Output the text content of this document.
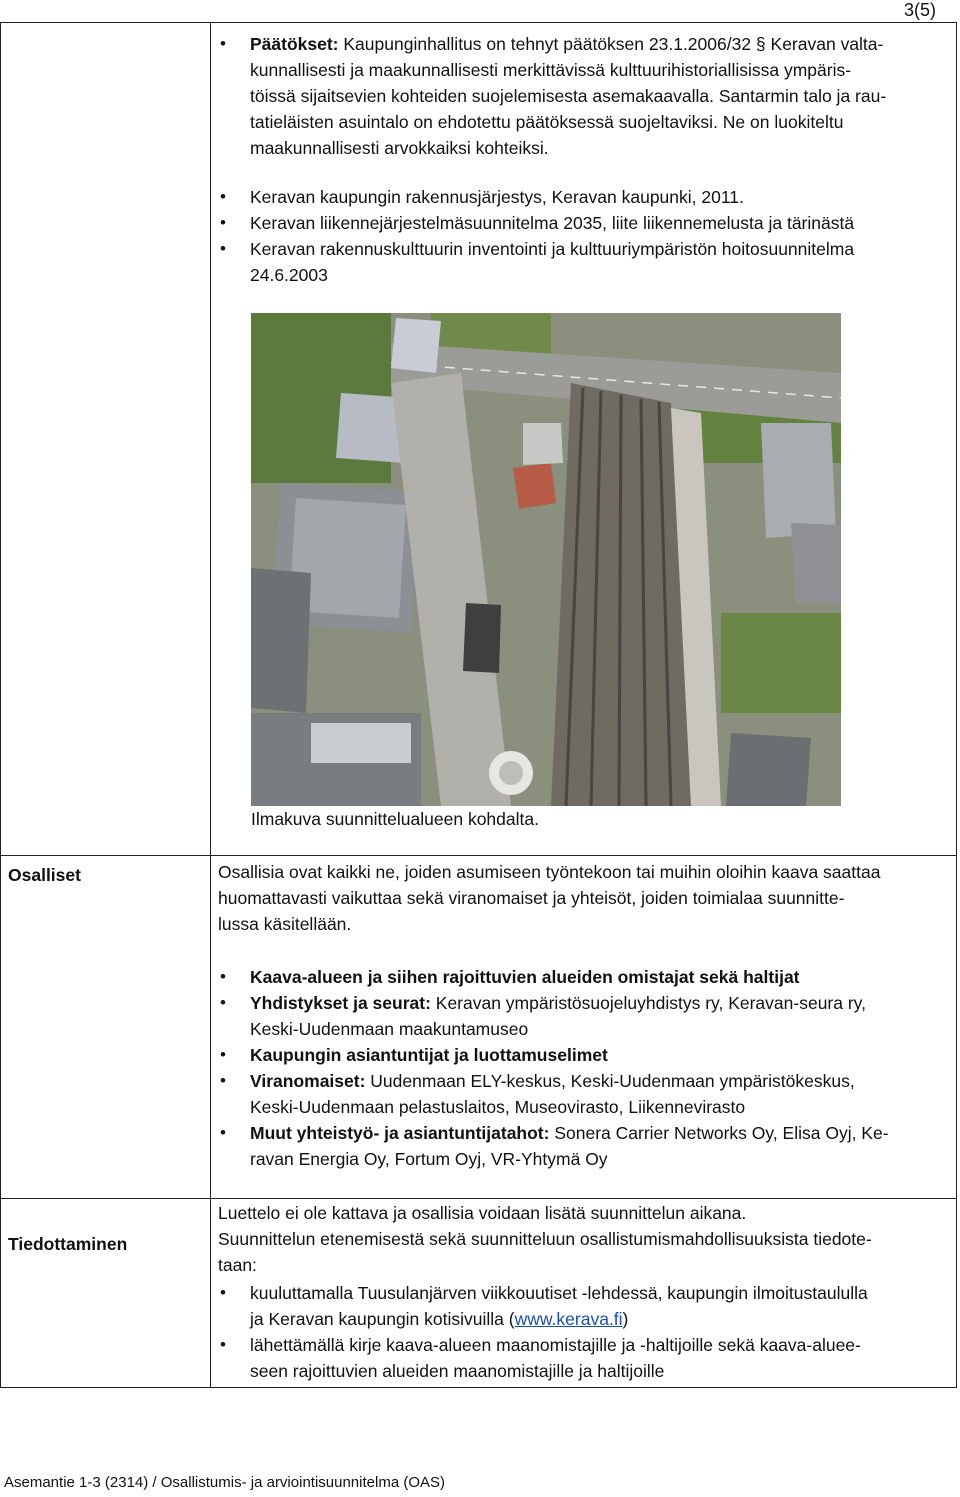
3(5)
• Päätökset: Kaupunginhallitus on tehnyt päätöksen 23.1.2006/32 § Keravan valta-
kunnallisesti ja maakunnallisesti merkittävissä kulttuurihistoriallisissa ympäris-
töissä sijaitsevien kohteiden suojelemisesta asemakaavalla. Santarmin talo ja rau-
tatieläisten asuintalo on ehdotettu päätöksessä suojeltaviksi. Ne on luokiteltu
maakunnallisesti arvokkaiksi kohteiksi.
• Keravan kaupungin rakennusjärjestys, Keravan kaupunki, 2011.
• Keravan liikennejärjestelmäsuunnitelma 2035, liite liikennemelusta ja tärinästä
• Keravan rakennuskulttuurin inventointi ja kulttuuriympäristön hoitosuunnitelma
24.6.2003
Ilmakuva suunnittelualueen kohdalta.
Osalliset	Osallisia ovat kaikki ne, joiden asumiseen työntekoon tai muihin oloihin kaava saattaa
huomattavasti vaikuttaa sekä viranomaiset ja yhteisöt, joiden toimialaa suunnitte-
lussa käsitellään.
• Kaava-alueen ja siihen rajoittuvien alueiden omistajat sekä haltijat
• Yhdistykset ja seurat: Keravan ympäristösuojeluyhdistys ry, Keravan-seura ry,
Keski-Uudenmaan maakuntamuseo
• Kaupungin asiantuntijat ja luottamuselimet
• Viranomaiset: Uudenmaan ELY-keskus, Keski-Uudenmaan ympäristökeskus,
Keski-Uudenmaan pelastuslaitos, Museovirasto, Liikennevirasto
• Muut yhteistyö- ja asiantuntijatahot: Sonera Carrier Networks Oy, Elisa Oyj, Ke-
ravan Energia Oy, Fortum Oyj, VR-Yhtymä Oy
Luettelo ei ole kattava ja osallisia voidaan lisätä suunnittelun aikana.
Tiedottaminen	Suunnittelun etenemisestä sekä suunnitteluun osallistumismahdollisuuksista tiedote-
taan:
• kuuluttamalla Tuusulanjärven viikkouutiset -lehdessä, kaupungin ilmoitustaululla
ja Keravan kaupungin kotisivuilla (www.kerava.fi)
• lähettämällä kirje kaava-alueen maanomistajille ja -haltijoille sekä kaava-aluee-
seen rajoittuvien alueiden maanomistajille ja haltijoille
Asemantie 1-3 (2314) / Osallistumis- ja arviointisuunnitelma (OAS)
